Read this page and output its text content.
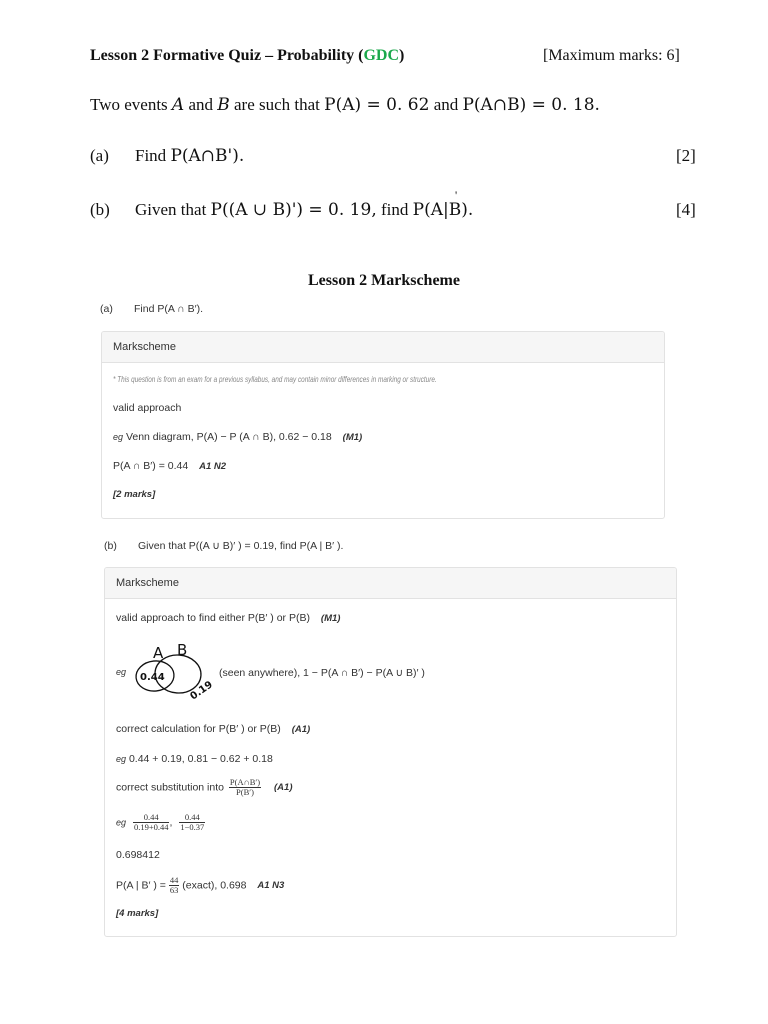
Lesson 2 Formative Quiz – Probability (GDC)	[Maximum marks: 6]
Two events A and B are such that P(A) = 0. 62 and P(A∩B) = 0. 18.
(a) Find P(A∩B').	[2]
(b) Given that P((A ∪ B)') = 0. 19, find P(A|B).
'
[4]
Lesson 2 Markscheme
(a) Find P(A ∩ B′).
Markscheme
* This question is from an exam for a previous syllabus, and may contain minor differences in marking or structure.
valid approach
eg Venn diagram, P(A) − P (A ∩ B), 0.62 − 0.18 (M1)
P(A ∩ B′) = 0.44 A1 N2
[2 marks]
(b) Given that P((A ∪ B)′ ) = 0.19, find P(A | B′ ).
Markscheme
valid approach to find either P(B′ ) or P(B) (M1)
eg
A B
0.44
0.19
(seen anywhere), 1 − P(A ∩ B′) − P(A ∪ B)′ )
correct calculation for P(B′ ) or P(B) (A1)
eg 0.44 + 0.19, 0.81 − 0.62 + 0.18
correct substitution into $\frac{P(A\cap B')}{P(B')} (A1)$
eg $\frac{0.44}{0.19+0.44}$ , $\frac{0.44}{1-0.37}$
0.698412
P(A | B′ ) = $\frac{44}{63}$ (exact), 0.698 A1 N3
[4 marks]
